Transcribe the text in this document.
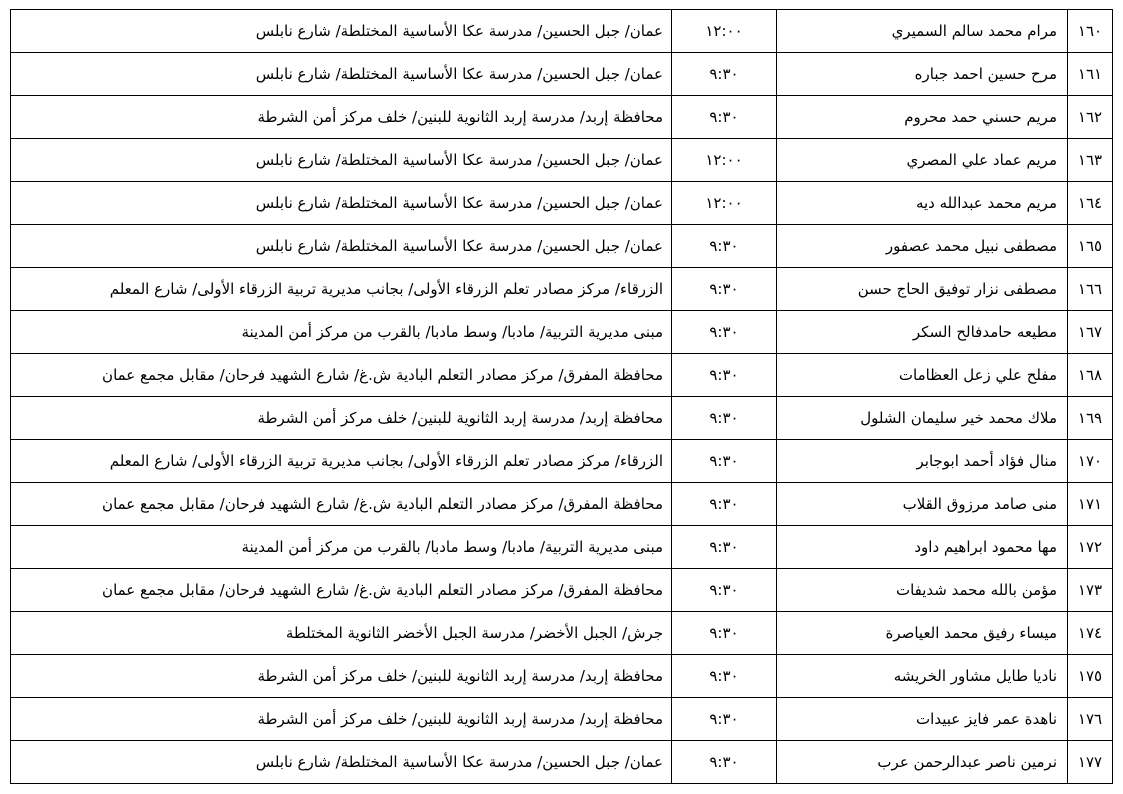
١٦٠	مرام محمد سالم السميري	١٢:٠٠	عمان/ جبل الحسين/ مدرسة عكا الأساسية المختلطة/ شارع نابلس
١٦١	مرح حسين احمد جباره	٩:٣٠	عمان/ جبل الحسين/ مدرسة عكا الأساسية المختلطة/ شارع نابلس
١٦٢	مريم حسني حمد محروم	٩:٣٠	محافظة إربد/ مدرسة إربد الثانوية للبنين/ خلف مركز أمن الشرطة
١٦٣	مريم عماد علي المصري	١٢:٠٠	عمان/ جبل الحسين/ مدرسة عكا الأساسية المختلطة/ شارع نابلس
١٦٤	مريم محمد عبدالله ديه	١٢:٠٠	عمان/ جبل الحسين/ مدرسة عكا الأساسية المختلطة/ شارع نابلس
١٦٥	مصطفى نبيل محمد عصفور	٩:٣٠	عمان/ جبل الحسين/ مدرسة عكا الأساسية المختلطة/ شارع نابلس
١٦٦	مصطفى نزار توفيق الحاج حسن	٩:٣٠	الزرقاء/ مركز مصادر تعلم الزرقاء الأولى/ بجانب مديرية تربية الزرقاء الأولى/ شارع المعلم
١٦٧	مطيعه حامدفالح السكر	٩:٣٠	مبنى مديرية التربية/ مادبا/ وسط مادبا/ بالقرب من مركز أمن المدينة
١٦٨	مفلح علي زعل العظامات	٩:٣٠	محافظة المفرق/ مركز مصادر التعلم البادية ش.غ/ شارع الشهيد فرحان/ مقابل مجمع عمان
١٦٩	ملاك محمد خير سليمان الشلول	٩:٣٠	محافظة إربد/ مدرسة إربد الثانوية للبنين/ خلف مركز أمن الشرطة
١٧٠	منال فؤاد أحمد ابوجابر	٩:٣٠	الزرقاء/ مركز مصادر تعلم الزرقاء الأولى/ بجانب مديرية تربية الزرقاء الأولى/ شارع المعلم
١٧١	منى صامد مرزوق القلاب	٩:٣٠	محافظة المفرق/ مركز مصادر التعلم البادية ش.غ/ شارع الشهيد فرحان/ مقابل مجمع عمان
١٧٢	مها محمود ابراهيم داود	٩:٣٠	مبنى مديرية التربية/ مادبا/ وسط مادبا/ بالقرب من مركز أمن المدينة
١٧٣	مؤمن بالله محمد شديفات	٩:٣٠	محافظة المفرق/ مركز مصادر التعلم البادية ش.غ/ شارع الشهيد فرحان/ مقابل مجمع عمان
١٧٤	ميساء رفيق محمد العياصرة	٩:٣٠	جرش/ الجبل الأخضر/ مدرسة الجبل الأخضر الثانوية المختلطة
١٧٥	ناديا طايل مشاور الخريشه	٩:٣٠	محافظة إربد/ مدرسة إربد الثانوية للبنين/ خلف مركز أمن الشرطة
١٧٦	ناهدة عمر فايز عبيدات	٩:٣٠	محافظة إربد/ مدرسة إربد الثانوية للبنين/ خلف مركز أمن الشرطة
١٧٧	نرمين ناصر عبدالرحمن عرب	٩:٣٠	عمان/ جبل الحسين/ مدرسة عكا الأساسية المختلطة/ شارع نابلس
